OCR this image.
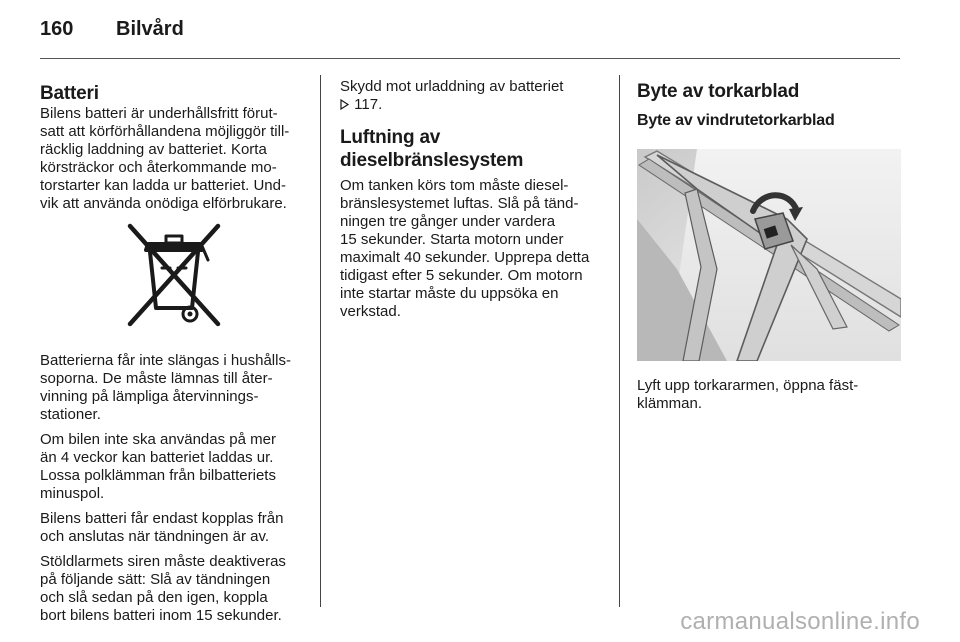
160 Bilvård
Batteri

Bilens batteri är underhållsfritt förut-
satt att körförhållandena möjliggör till-
räcklig laddning av batteriet. Korta
körsträckor och återkommande mo-
torstarter kan ladda ur batteriet. Und-
vik att använda onödiga elförbrukare.

Batterierna får inte slängas i hushålls-
soporna. De måste lämnas till åter-
vinning på lämpliga återvinnings-
stationer.

Om bilen inte ska användas på mer
än 4 veckor kan batteriet laddas ur.
Lossa polklämman från bilbatteriets
minuspol.

Bilens batteri får endast kopplas från
och anslutas när tändningen är av.

Stöldlarmets siren måste deaktiveras
på följande sätt: Slå av tändningen
och slå sedan på den igen, koppla
bort bilens batteri inom 15 sekunder.

Skydd mot urladdning av batteriet
117.

Luftning av
dieselbränslesystem

Om tanken körs tom måste diesel-
bränslesystemet luftas. Slå på tänd-
ningen tre gånger under vardera
15 sekunder. Starta motorn under
maximalt 40 sekunder. Upprepa detta
tidigast efter 5 sekunder. Om motorn
inte startar måste du uppsöka en
verkstad.

Byte av torkarblad
Byte av vindrutetorkarblad

Lyft upp torkararmen, öppna fäst-
klämman.

carmanualsonline.info
